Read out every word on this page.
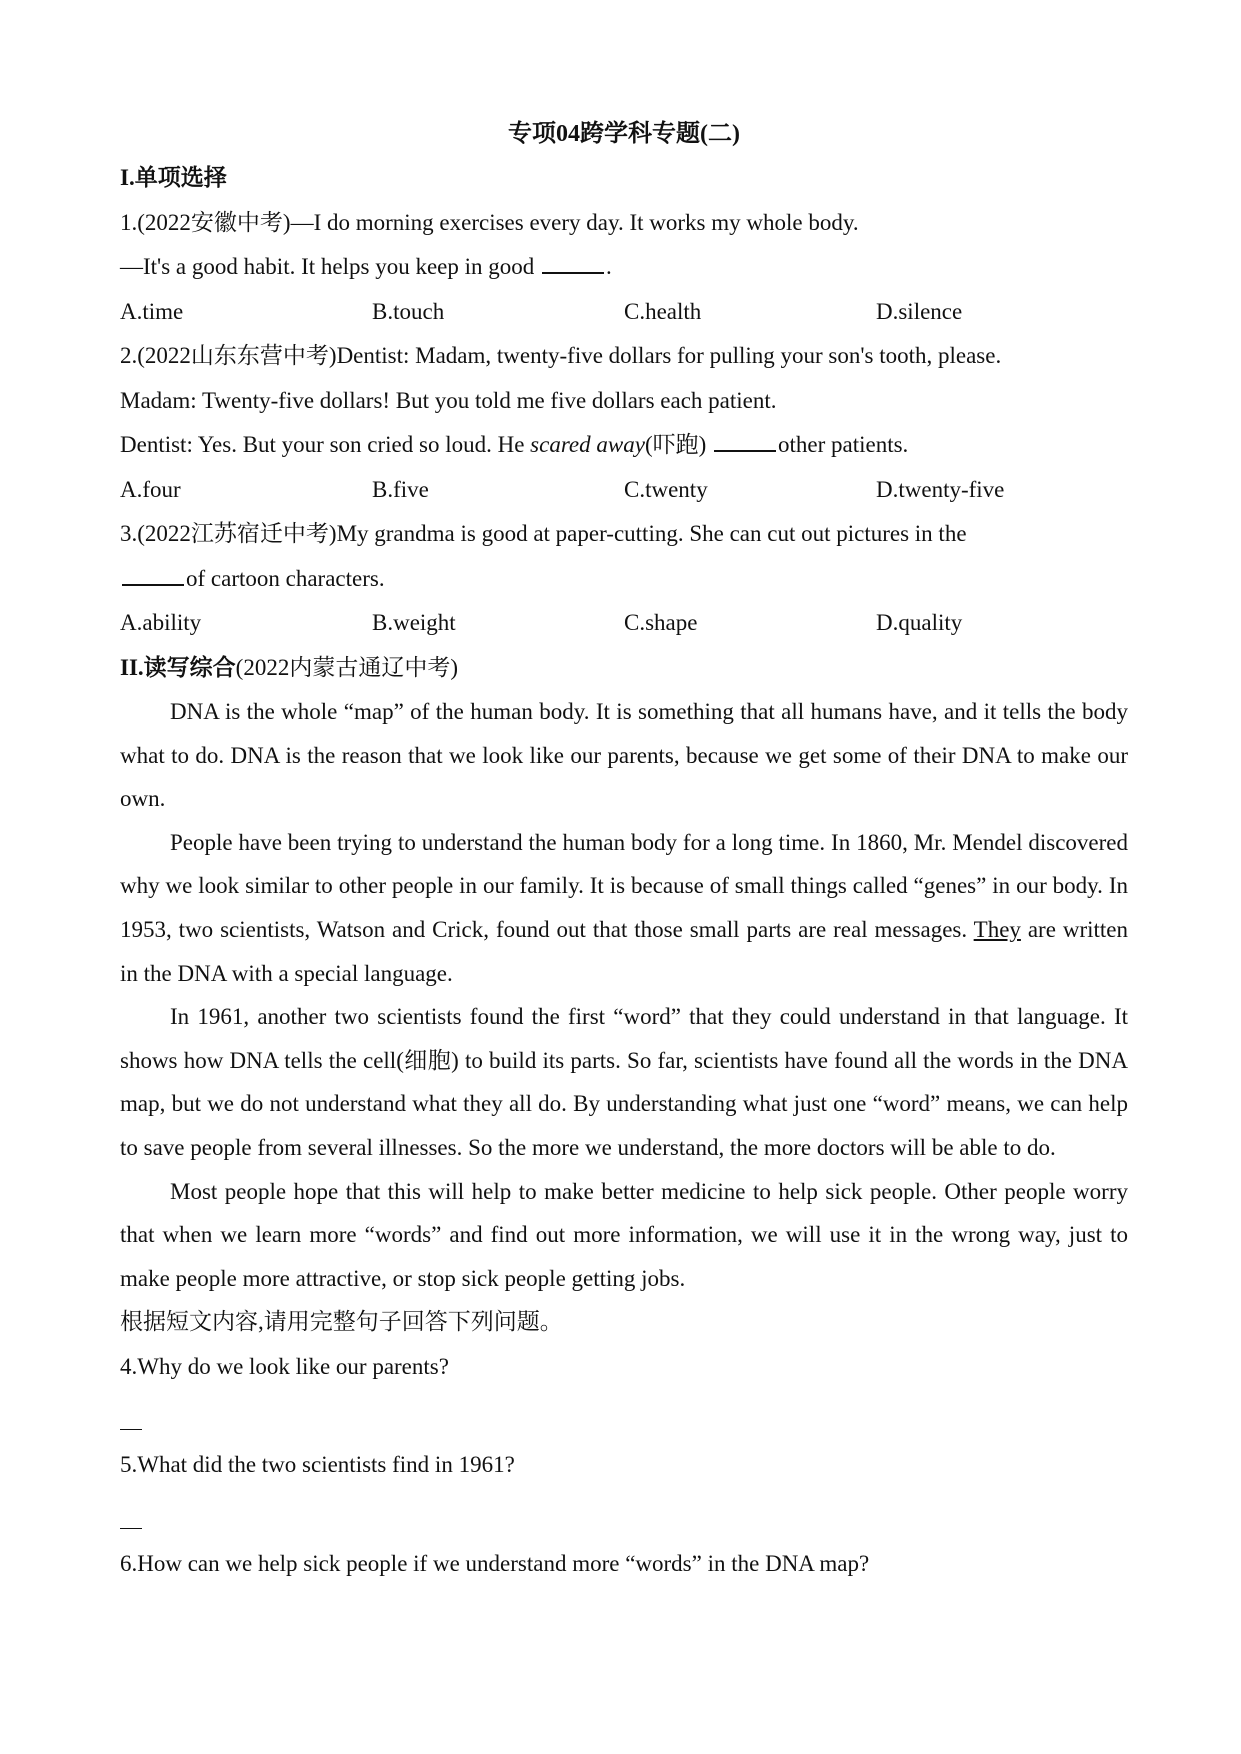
专项04跨学科专题(二)

I.单项选择

1.(2022安徽中考)—I do morning exercises every day. It works my whole body.

—It's a good habit. It helps you keep in good	.

A.time	B.touch	C.health	D.silence

2.(2022山东东营中考)Dentist: Madam, twenty-five dollars for pulling your son's tooth, please.

Madam: Twenty-five dollars! But you told me five dollars each patient.

Dentist: Yes. But your son cried so loud. He scared away(吓跑)	other patients.

A.four	B.five	C.twenty	D.twenty-five

3.(2022江苏宿迁中考)My grandma is good at paper-cutting. She can cut out pictures in the

of cartoon characters.

A.ability	B.weight	C.shape	D.quality

II.读写综合(2022内蒙古通辽中考)

DNA is the whole “map” of the human body. It is something that all humans have, and it tells the body what to do. DNA is the reason that we look like our parents, because we get some of their DNA to make our own.

People have been trying to understand the human body for a long time. In 1860, Mr. Mendel discovered why we look similar to other people in our family. It is because of small things called “genes” in our body. In 1953, two scientists, Watson and Crick, found out that those small parts are real messages. They are written in the DNA with a special language.

In 1961, another two scientists found the first “word” that they could understand in that language. It shows how DNA tells the cell(细胞) to build its parts. So far, scientists have found all the words in the DNA map, but we do not understand what they all do. By understanding what just one “word” means, we can help to save people from several illnesses. So the more we understand, the more doctors will be able to do.

Most people hope that this will help to make better medicine to help sick people. Other people worry that when we learn more “words” and find out more information, we will use it in the wrong way, just to make people more attractive, or stop sick people getting jobs.

根据短文内容,请用完整句子回答下列问题。

4.Why do we look like our parents?

5.What did the two scientists find in 1961?

6.How can we help sick people if we understand more “words” in the DNA map?
